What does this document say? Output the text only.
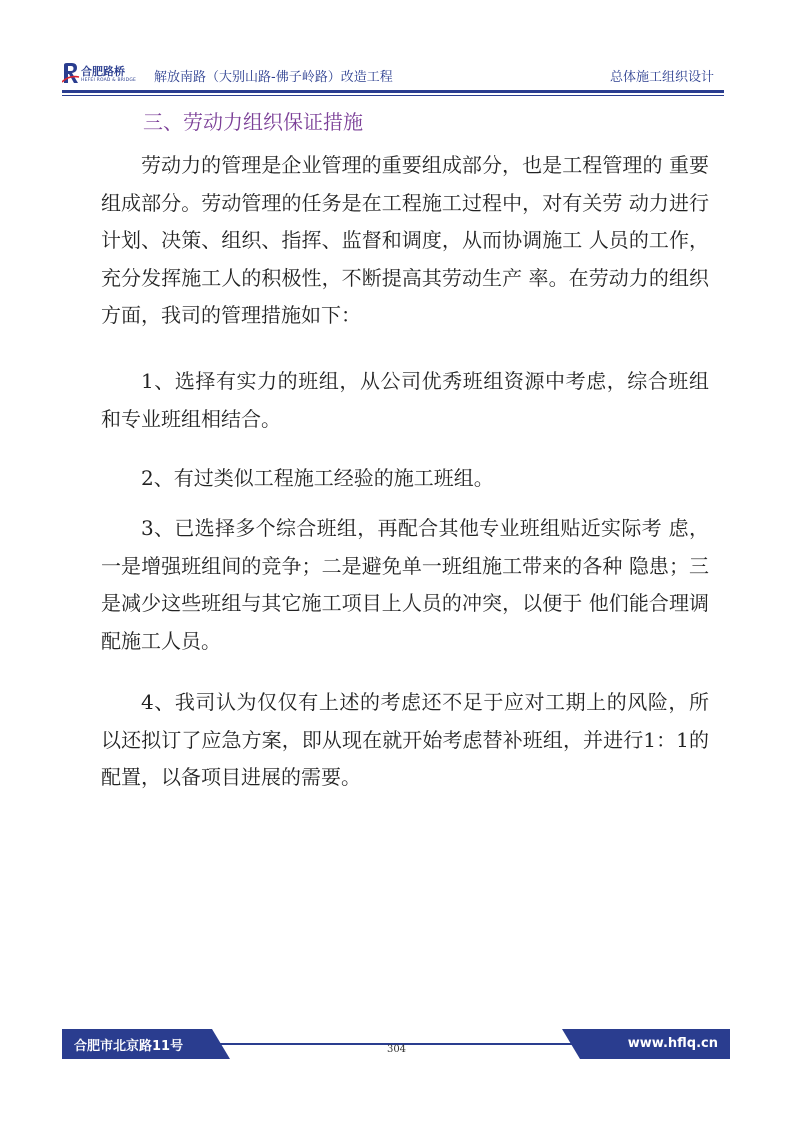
合肥路桥
HEFEI ROAD & BRIDGE 解放南路（大别山路-佛子岭路）改造工程	总体施工组织设计
三、劳动力组织保证措施

劳动力的管理是企业管理的重要组成部分，也是工程管理的 重要组成部分。劳动管理的任务是在工程施工过程中，对有关劳 动力进行计划、决策、组织、指挥、监督和调度，从而协调施工 人员的工作，充分发挥施工人的积极性，不断提高其劳动生产 率。在劳动力的组织方面，我司的管理措施如下：

1、选择有实力的班组，从公司优秀班组资源中考虑，综合班组和专业班组相结合。

2、有过类似工程施工经验的施工班组。

3、已选择多个综合班组，再配合其他专业班组贴近实际考 虑，一是增强班组间的竞争；二是避免单一班组施工带来的各种 隐患；三是减少这些班组与其它施工项目上人员的冲突，以便于 他们能合理调配施工人员。

4、我司认为仅仅有上述的考虑还不足于应对工期上的风险，所以还拟订了应急方案，即从现在就开始考虑替补班组，并进行1：1的配置，以备项目进展的需要。

合肥市北京路11号	www.hflq.cn
304
